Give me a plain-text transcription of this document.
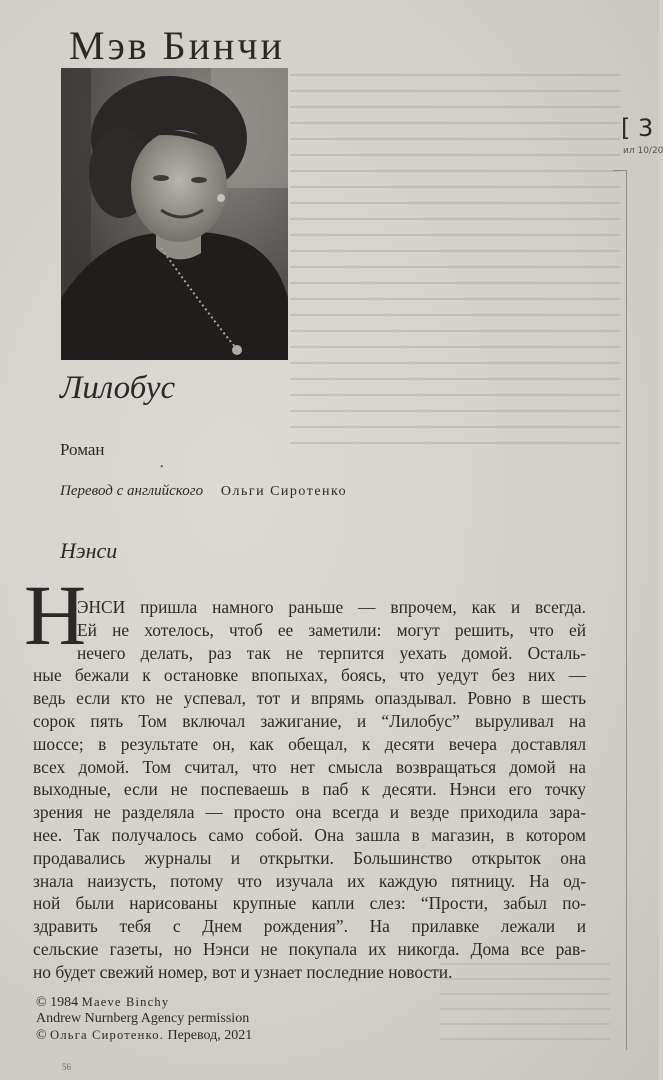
Мэв Бинчи
Лилобус
Роман
•
Перевод с английского Ольги Сиротенко
Нэнси
Н
ЭНСИ пришла намного раньше — впрочем, как и всегда.
Ей не хотелось, чтоб ее заметили: могут решить, что ей
нечего делать, раз так не терпится уехать домой. Осталь-
ные бежали к остановке впопыхах, боясь, что уедут без них —
ведь если кто не успевал, тот и впрямь опаздывал. Ровно в шесть
сорок пять Том включал зажигание, и “Лилобус” выруливал на
шоссе; в результате он, как обещал, к десяти вечера доставлял
всех домой. Том считал, что нет смысла возвращаться домой на
выходные, если не поспеваешь в паб к десяти. Нэнси его точку
зрения не разделяла — просто она всегда и везде приходила зара-
нее. Так получалось само собой. Она зашла в магазин, в котором
продавались журналы и открытки. Большинство открыток она
знала наизусть, потому что изучала их каждую пятницу. На од-
ной были нарисованы крупные капли слез: “Прости, забыл по-
здравить тебя с Днем рождения”. На прилавке лежали и
сельские газеты, но Нэнси не покупала их никогда. Дома все рав-
но будет свежий номер, вот и узнает последние новости.
© 1984 Maeve Binchy
Andrew Nurnberg Agency permission
© Ольга Сиротенко. Перевод, 2021
56
[ 3
ил 10/20
